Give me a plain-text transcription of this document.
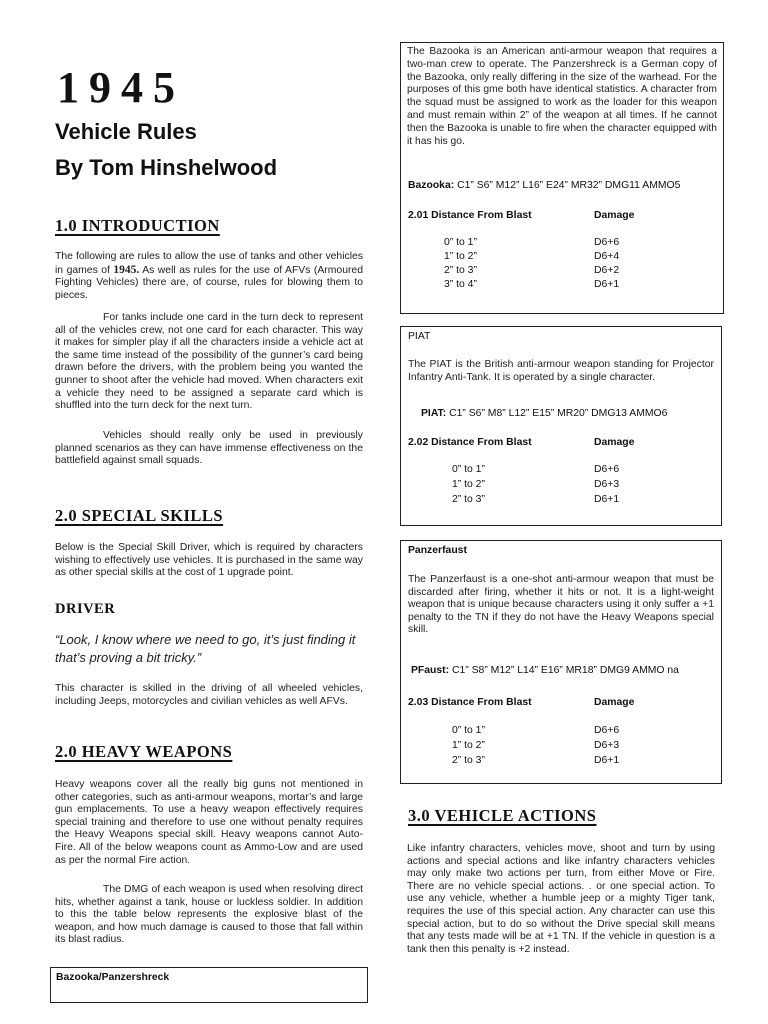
1945
Vehicle Rules
By Tom Hinshelwood
1.0 INTRODUCTION
The following are rules to allow the use of tanks and other vehicles in games of 1945. As well as rules for the use of AFVs (Armoured Fighting Vehicles) there are, of course, rules for blowing them to pieces.
For tanks include one card in the turn deck to represent all of the vehicles crew, not one card for each character. This way it makes for simpler play if all the characters inside a vehicle act at the same time instead of the possibility of the gunner’s card being drawn before the drivers, with the problem being you wanted the gunner to shoot after the vehicle had moved. When characters exit a vehicle they need to be assigned a separate card which is shuffled into the turn deck for the next turn.
Vehicles should really only be used in previously planned scenarios as they can have immense effectiveness on the battlefield against small squads.
2.0 SPECIAL SKILLS
Below is the Special Skill Driver, which is required by characters wishing to effectively use vehicles. It is purchased in the same way as other special skills at the cost of 1 upgrade point.
DRIVER
“Look, I know where we need to go, it’s just finding it that’s proving a bit tricky.”
This character is skilled in the driving of all wheeled vehicles, including Jeeps, motorcycles and civilian vehicles as well AFVs.
2.0 HEAVY WEAPONS
Heavy weapons cover all the really big guns not mentioned in other categories, such as anti-armour weapons, mortar’s and large gun emplacements. To use a heavy weapon effectively requires special training and therefore to use one without penalty requires the Heavy Weapons special skill. Heavy weapons cannot Auto-Fire. All of the below weapons count as Ammo-Low and are used as per the normal Fire action.
The DMG of each weapon is used when resolving direct hits, whether against a tank, house or luckless soldier. In addition to this the table below represents the explosive blast of the weapon, and how much damage is caused to those that fall within its blast radius.
Bazooka/Panzershreck
The Bazooka is an American anti-armour weapon that requires a two-man crew to operate. The Panzershreck is a German copy of the Bazooka, only really differing in the size of the warhead. For the purposes of this gme both have identical statistics. A character from the squad must be assigned to work as the loader for this weapon and must remain within 2” of the weapon at all times. If he cannot then the Bazooka is unable to fire when the character equipped with it has his go.
Bazooka: C1” S6” M12” L16” E24” MR32” DMG11 AMMO5
2.01 Distance From Blast	Damage
0” to 1”	D6+6
1” to 2”	D6+4
2” to 3”	D6+2
3” to 4”	D6+1
PIAT
The PIAT is the British anti-armour weapon standing for Projector Infantry Anti-Tank. It is operated by a single character.
PIAT: C1” S6” M8” L12” E15” MR20” DMG13 AMMO6
2.02 Distance From Blast	Damage
0” to 1”	D6+6
1” to 2”	D6+3
2” to 3”	D6+1
Panzerfaust
The Panzerfaust is a one-shot anti-armour weapon that must be discarded after firing, whether it hits or not. It is a light-weight weapon that is unique because characters using it only suffer a +1 penalty to the TN if they do not have the Heavy Weapons special skill.
PFaust: C1” S8” M12” L14” E16” MR18” DMG9 AMMO na
2.03 Distance From Blast	Damage
0” to 1”	D6+6
1” to 2”	D6+3
2” to 3”	D6+1
3.0 VEHICLE ACTIONS
Like infantry characters, vehicles move, shoot and turn by using actions and special actions and like infantry characters vehicles may only make two actions per turn, from either Move or Fire. There are no vehicle special actions. . or one special action. To use any vehicle, whether a humble jeep or a mighty Tiger tank, requires the use of this special action. Any character can use this special action, but to do so without the Drive special skill means that any tests made will be at +1 TN. If the vehicle in question is a tank then this penalty is +2 instead.
